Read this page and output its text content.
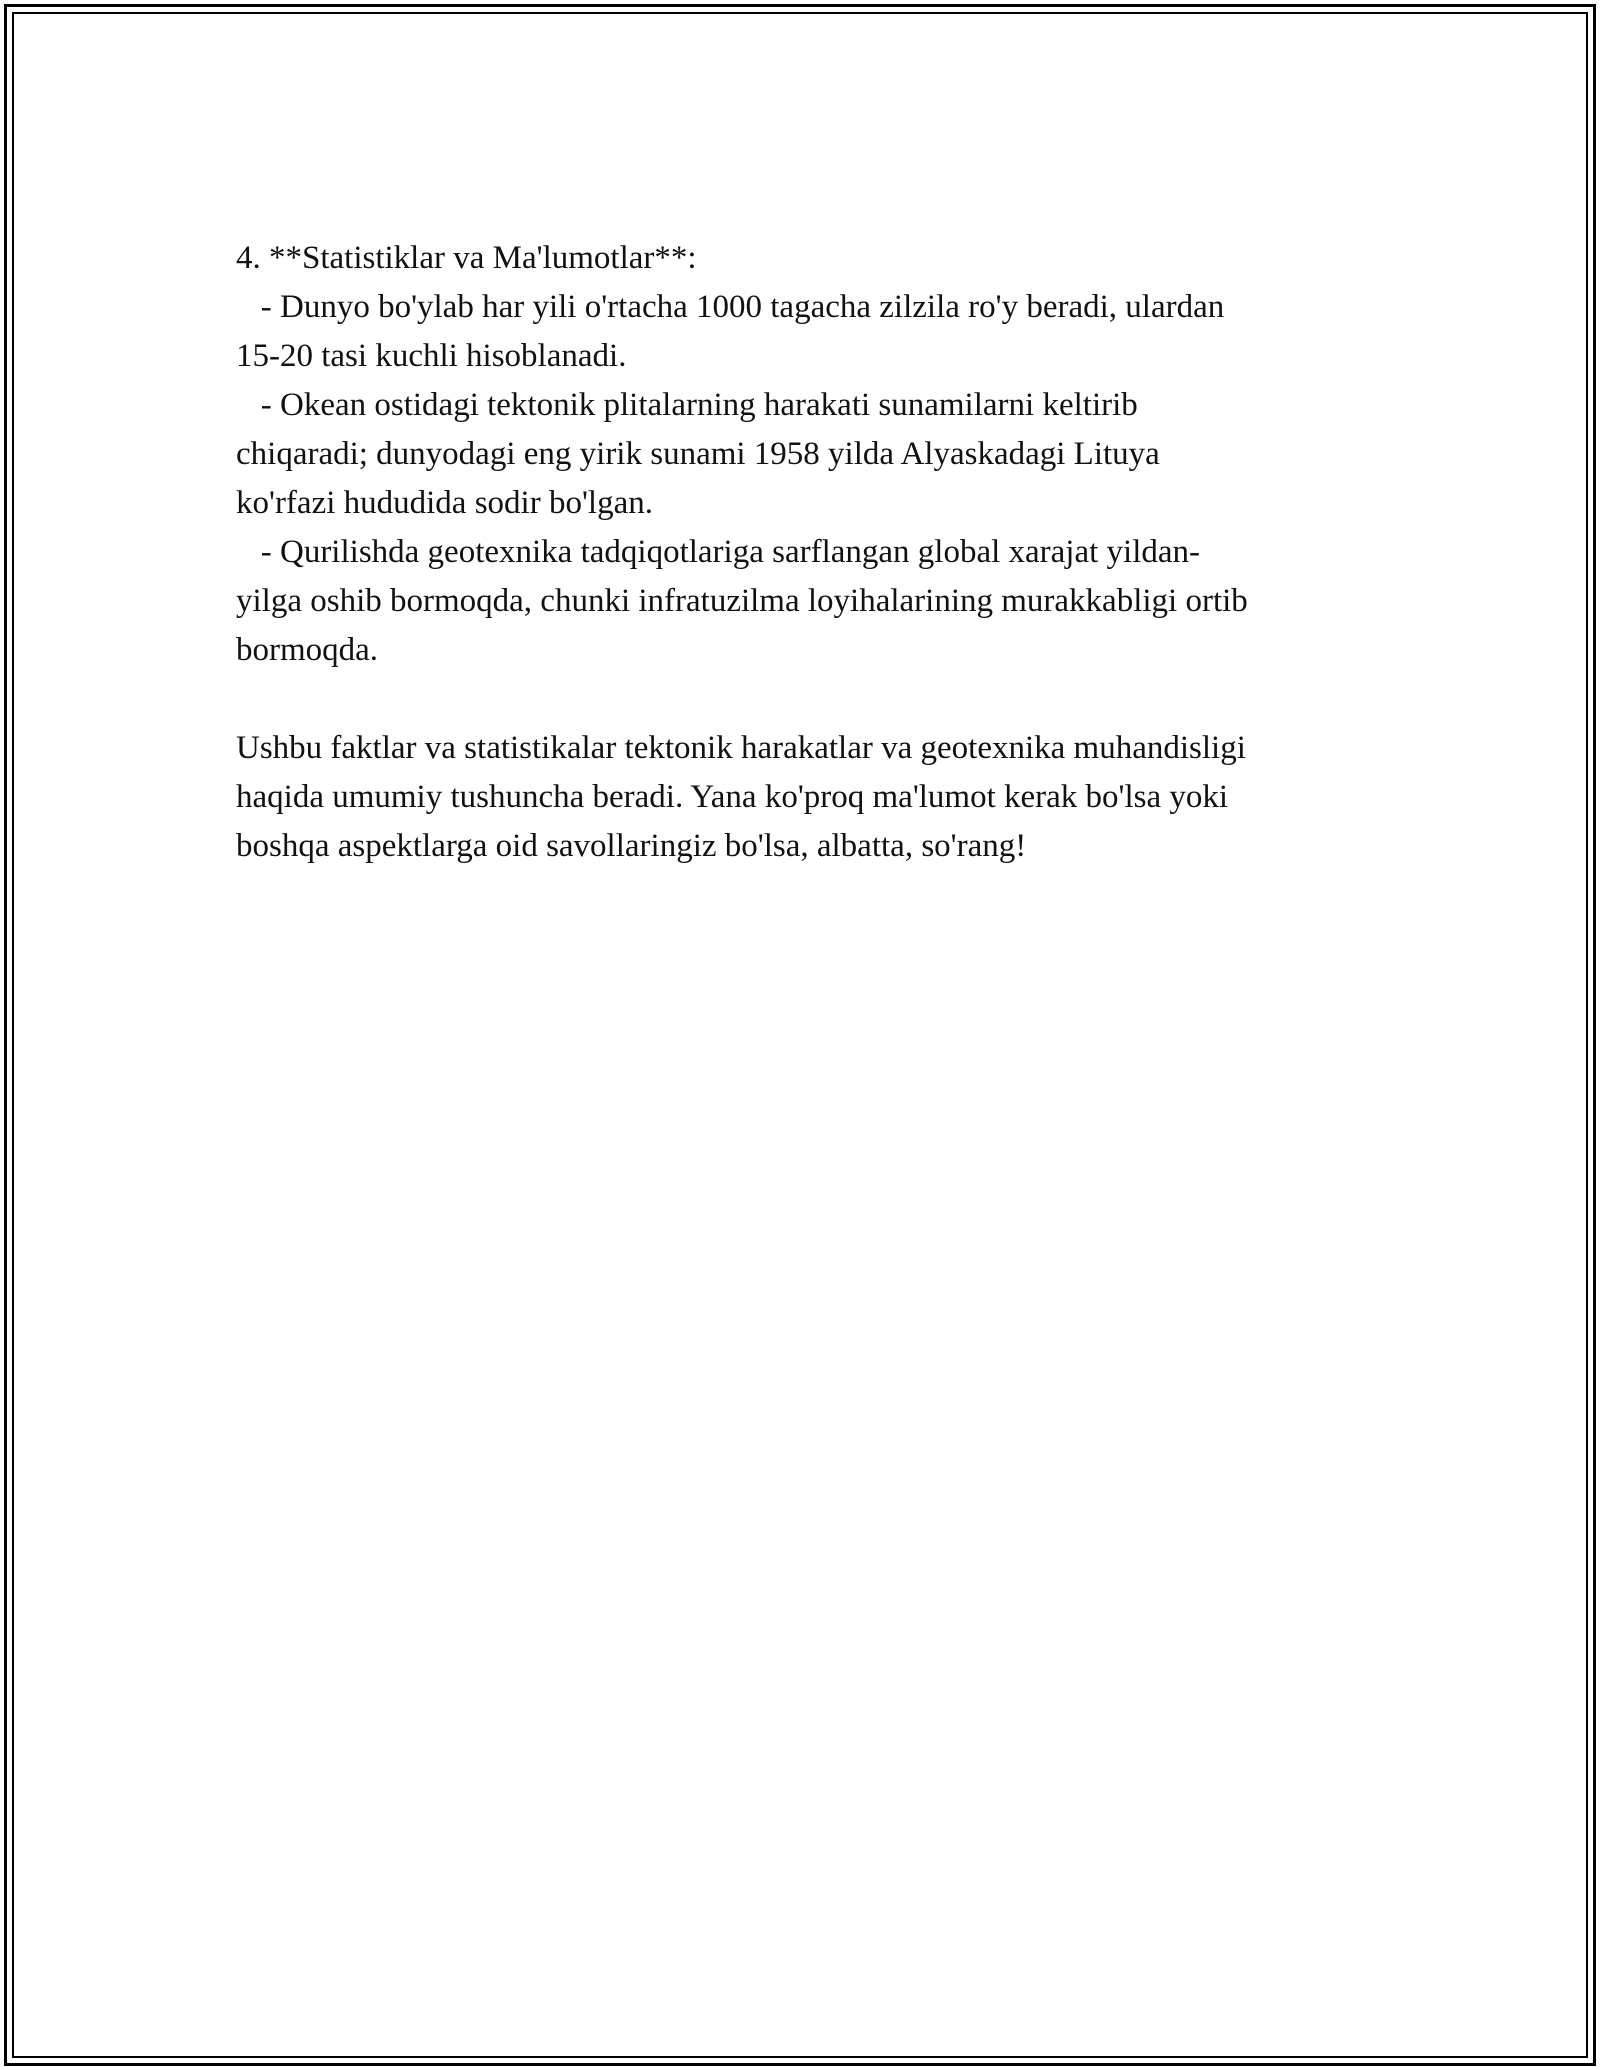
4. **Statistiklar va Ma'lumotlar**:
- Dunyo bo'ylab har yili o'rtacha 1000 tagacha zilzila ro'y beradi, ulardan
15-20 tasi kuchli hisoblanadi.
- Okean ostidagi tektonik plitalarning harakati sunamilarni keltirib
chiqaradi; dunyodagi eng yirik sunami 1958 yilda Alyaskadagi Lituya
ko'rfazi hududida sodir bo'lgan.
- Qurilishda geotexnika tadqiqotlariga sarflangan global xarajat yildan-
yilga oshib bormoqda, chunki infratuzilma loyihalarining murakkabligi ortib
bormoqda.
Ushbu faktlar va statistikalar tektonik harakatlar va geotexnika muhandisligi
haqida umumiy tushuncha beradi. Yana ko'proq ma'lumot kerak bo'lsa yoki
boshqa aspektlarga oid savollaringiz bo'lsa, albatta, so'rang!
